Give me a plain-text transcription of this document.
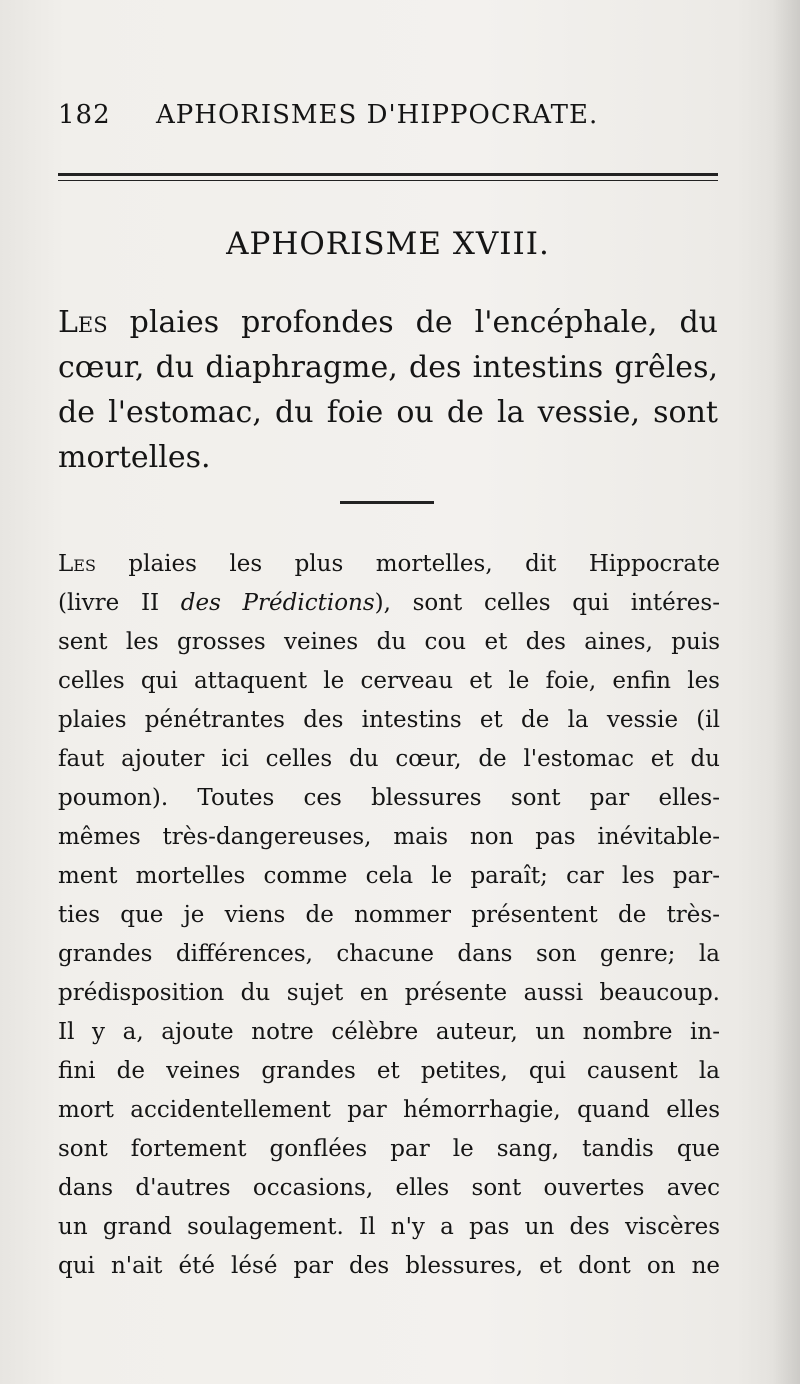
182 APHORISMES D'HIPPOCRATE.
APHORISME XVIII.
Les plaies profondes de l'encéphale, du
cœur, du diaphragme, des intestins grêles,
de l'estomac, du foie ou de la vessie, sont
mortelles.
Les plaies les plus mortelles, dit Hippocrate
(livre II des Prédictions), sont celles qui intéres-
sent les grosses veines du cou et des aines, puis
celles qui attaquent le cerveau et le foie, enfin les
plaies pénétrantes des intestins et de la vessie (il
faut ajouter ici celles du cœur, de l'estomac et du
poumon). Toutes ces blessures sont par elles-
mêmes très-dangereuses, mais non pas inévitable-
ment mortelles comme cela le paraît; car les par-
ties que je viens de nommer présentent de très-
grandes différences, chacune dans son genre; la
prédisposition du sujet en présente aussi beaucoup.
Il y a, ajoute notre célèbre auteur, un nombre in-
fini de veines grandes et petites, qui causent la
mort accidentellement par hémorrhagie, quand elles
sont fortement gonflées par le sang, tandis que
dans d'autres occasions, elles sont ouvertes avec
un grand soulagement. Il n'y a pas un des viscères
qui n'ait été lésé par des blessures, et dont on ne
